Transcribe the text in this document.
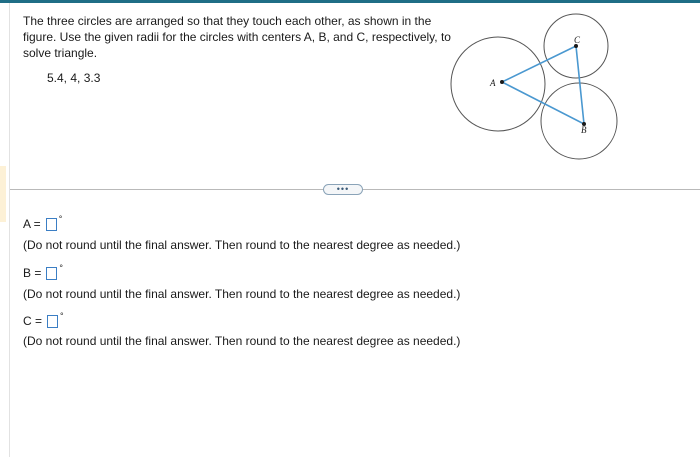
The three circles are arranged so that they touch each other, as shown in the figure. Use the given radii for the circles with centers A, B, and C, respectively, to solve triangle.

5.4, 4, 3.3	A
C
B
•••
A = °

(Do not round until the final answer. Then round to the nearest degree as needed.)

B = °

(Do not round until the final answer. Then round to the nearest degree as needed.)

C = °

(Do not round until the final answer. Then round to the nearest degree as needed.)
